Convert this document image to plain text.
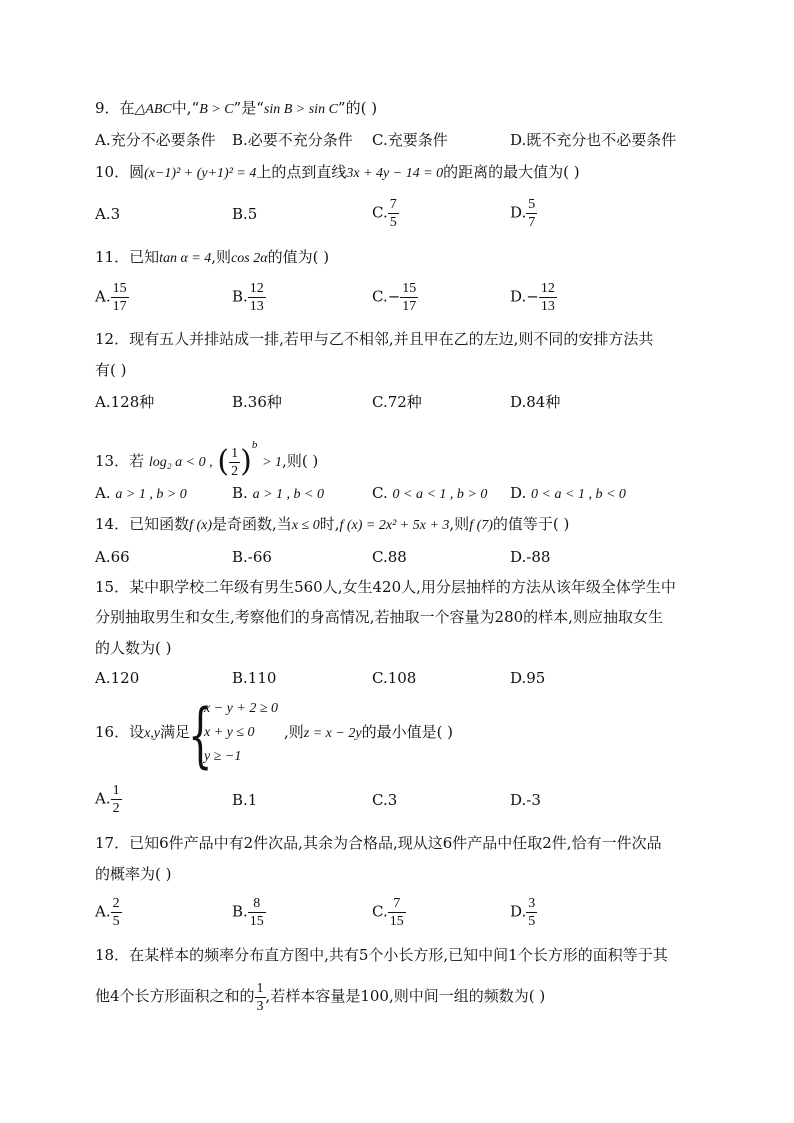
9．在△ABC中,“B > C”是“sin B > sin C”的( )
A.充分不必要条件 B.必要不充分条件 C.充要条件	D.既不充分也不必要条件
10．圆(x−1)² + (y+1)² = 4上的点到直线3x + 4y − 14 = 0的距离的最大值为( )
A.3	B.5	C. $\frac{7}{5}$	D. $\frac{5}{7}$
11．已知tan α = 4,则cos 2α的值为( )
A. $\frac{15}{17}$	B. $\frac{12}{13}$	$C.- \frac{15}{17}$	$D.- \frac{12}{13}$
12．现有五人并排站成一排,若甲与乙不相邻,并且甲在乙的左边,则不同的安排方法共
有( )
A.128种	B.36种	C.72种	D.84种
13．若 log₂ a < 0 , ( $\frac{1}{2} )^b > 1$,则( )
A. a > 1 , b > 0	B. a > 1 , b < 0	C. 0 < a < 1 , b > 0 D. 0 < a < 1 , b < 0
14．已知函数f (x)是奇函数,当x ≤ 0时,f (x) = 2x² + 5x + 3,则f (7)的值等于( )
A.66	B.-66	C.88	D.-88
15．某中职学校二年级有男生560人,女生420人,用分层抽样的方法从该年级全体学生中
分别抽取男生和女生,考察他们的身高情况,若抽取一个容量为280的样本,则应抽取女生
的人数为( )
A.120	B.110	C.108	D.95
16．设x,y满足
{
x − y + 2 ≥ 0
x + y ≤ 0
y ≥ −1
,则z = x − 2y的最小值是( )
A. $\frac{1}{2}$	B.1	C.3	D.-3
17．已知6件产品中有2件次品,其余为合格品,现从这6件产品中任取2件,恰有一件次品
的概率为( )
A. $\frac{2}{5}$	B. $\frac{8}{15}$	C. $\frac{7}{15}$	D. $\frac{3}{5}$
18．在某样本的频率分布直方图中,共有5个小长方形,已知中间1个长方形的面积等于其
他4个长方形面积之和的 $\frac{1}{3}$ ,若样本容量是100,则中间一组的频数为( )
